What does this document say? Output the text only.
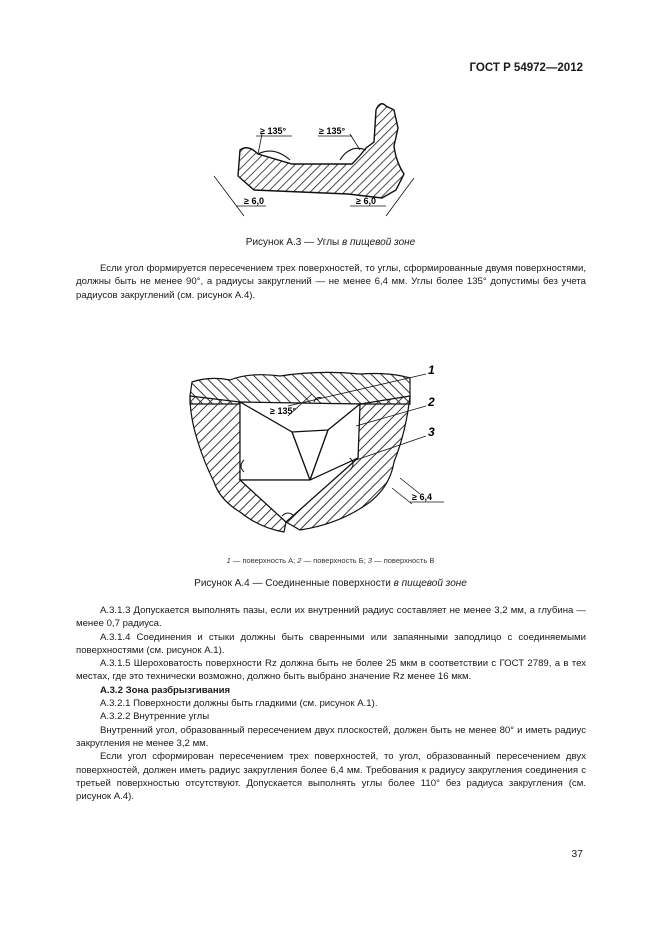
ГОСТ Р 54972—2012
≥ 135°	≥ 135°
≥ 6,0	≥ 6,0
Рисунок А.3 — Углы в пищевой зоне

Если угол формируется пересечением трех поверхностей, то углы, сформированные двумя поверхностями, должны быть не менее 90°, а радиусы закруглений — не менее 6,4 мм. Углы более 135° допустимы без учета радиусов закруглений (см. рисунок А.4).

1
2
3
≥ 135°
≥ 6,4
1 — поверхность А; 2 — поверхность Б; 3 — поверхность В
Рисунок А.4 — Соединенные поверхности в пищевой зоне

А.3.1.3 Допускается выполнять пазы, если их внутренний радиус составляет не менее 3,2 мм, а глубина — менее 0,7 радиуса.

А.3.1.4 Соединения и стыки должны быть сваренными или запаянными заподлицо с соединяемыми поверхностями (см. рисунок А.1).

А.3.1.5 Шероховатость поверхности Rz должна быть не более 25 мкм в соответствии с ГОСТ 2789, а в тех местах, где это технически возможно, должно быть выбрано значение Rz менее 16 мкм.

А.3.2 Зона разбрызгивания

А.3.2.1 Поверхности должны быть гладкими (см. рисунок А.1).

А.3.2.2 Внутренние углы

Внутренний угол, образованный пересечением двух плоскостей, должен быть не менее 80° и иметь радиус закругления не менее 3,2 мм.

Если угол сформирован пересечением трех поверхностей, то угол, образованный пересечением двух поверхностей, должен иметь радиус закругления более 6,4 мм. Требования к радиусу закругления соединения с третьей поверхностью отсутствуют. Допускается выполнять углы более 110° без радиуса закругления (см. рисунок А.4).

37
